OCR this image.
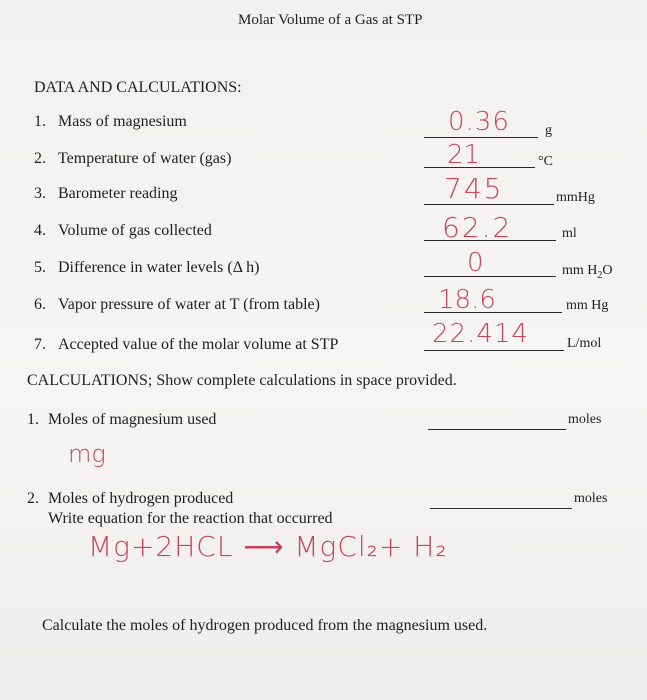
Molar Volume of a Gas at STP
DATA AND CALCULATIONS:
1. Mass of magnesium	0.36	g
2. Temperature of water (gas)	21	°C
3. Barometer reading	745	mmHg
4. Volume of gas collected	62.2	ml
5. Difference in water levels (Δ h)	0	mm $H_2O$
6. Vapor pressure of water at T (from table)	18.6	mm Hg
7. Accepted value of the molar volume at STP	22.414	L/mol
CALCULATIONS; Show complete calculations in space provided.
1. Moles of magnesium used	moles
mg
2. Moles of hydrogen produced	moles
Write equation for the reaction that occurred
Mg+2HCL ⟶ MgCl₂+ H₂
Calculate the moles of hydrogen produced from the magnesium used.
